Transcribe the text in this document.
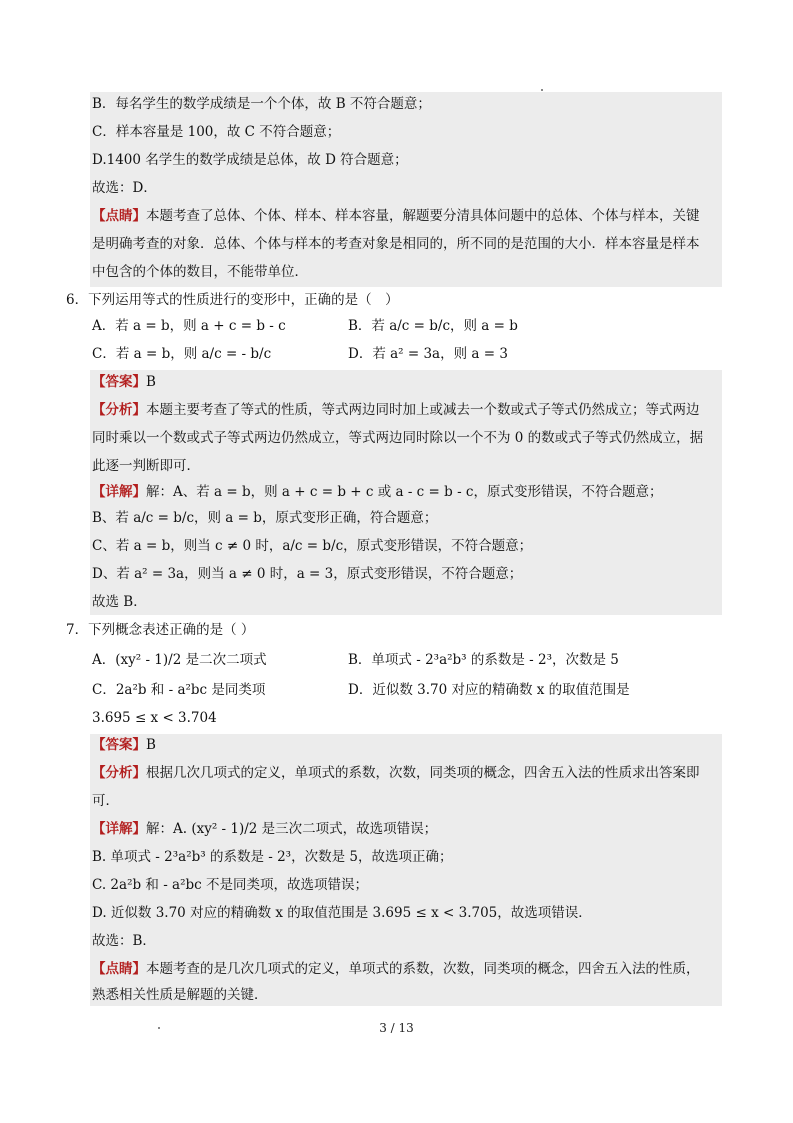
B．每名学生的数学成绩是一个个体，故 B 不符合题意；
C．样本容量是 100，故 C 不符合题意；
D.1400 名学生的数学成绩是总体，故 D 符合题意；
故选：D．
【点睛】本题考查了总体、个体、样本、样本容量，解题要分清具体问题中的总体、个体与样本，关键
是明确考查的对象．总体、个体与样本的考查对象是相同的，所不同的是范围的大小．样本容量是样本
中包含的个体的数目，不能带单位．
6．下列运用等式的性质进行的变形中，正确的是（　）
A．若 a = b，则 a + c = b - c	B．若 a/c = b/c，则 a = b
C．若 a = b，则 a/c = - b/c	D．若 a² = 3a，则 a = 3
【答案】B
【分析】本题主要考查了等式的性质，等式两边同时加上或减去一个数或式子等式仍然成立；等式两边
同时乘以一个数或式子等式两边仍然成立，等式两边同时除以一个不为 0 的数或式子等式仍然成立，据
此逐一判断即可．
【详解】解：A、若 a = b，则 a + c = b + c 或 a - c = b - c，原式变形错误，不符合题意；
B、若 a/c = b/c，则 a = b，原式变形正确，符合题意；
C、若 a = b，则当 c ≠ 0 时，a/c = b/c，原式变形错误，不符合题意；
D、若 a² = 3a，则当 a ≠ 0 时，a = 3，原式变形错误，不符合题意；
故选 B．
7．下列概念表述正确的是（ ）
A．(xy² - 1)/2 是二次二项式	B．单项式 - 2³a²b³ 的系数是 - 2³，次数是 5
C．2a²b 和 - a²bc 是同类项	D．近似数 3.70 对应的精确数 x 的取值范围是
3.695 ≤ x < 3.704
【答案】B
【分析】根据几次几项式的定义，单项式的系数，次数，同类项的概念，四舍五入法的性质求出答案即
可．
【详解】解：A. (xy² - 1)/2 是三次二项式，故选项错误；
B. 单项式 - 2³a²b³ 的系数是 - 2³，次数是 5，故选项正确；
C. 2a²b 和 - a²bc 不是同类项，故选项错误；
D. 近似数 3.70 对应的精确数 x 的取值范围是 3.695 ≤ x < 3.705，故选项错误．
故选：B．
【点睛】本题考查的是几次几项式的定义，单项式的系数，次数，同类项的概念，四舍五入法的性质，
熟悉相关性质是解题的关键．
3 / 13
